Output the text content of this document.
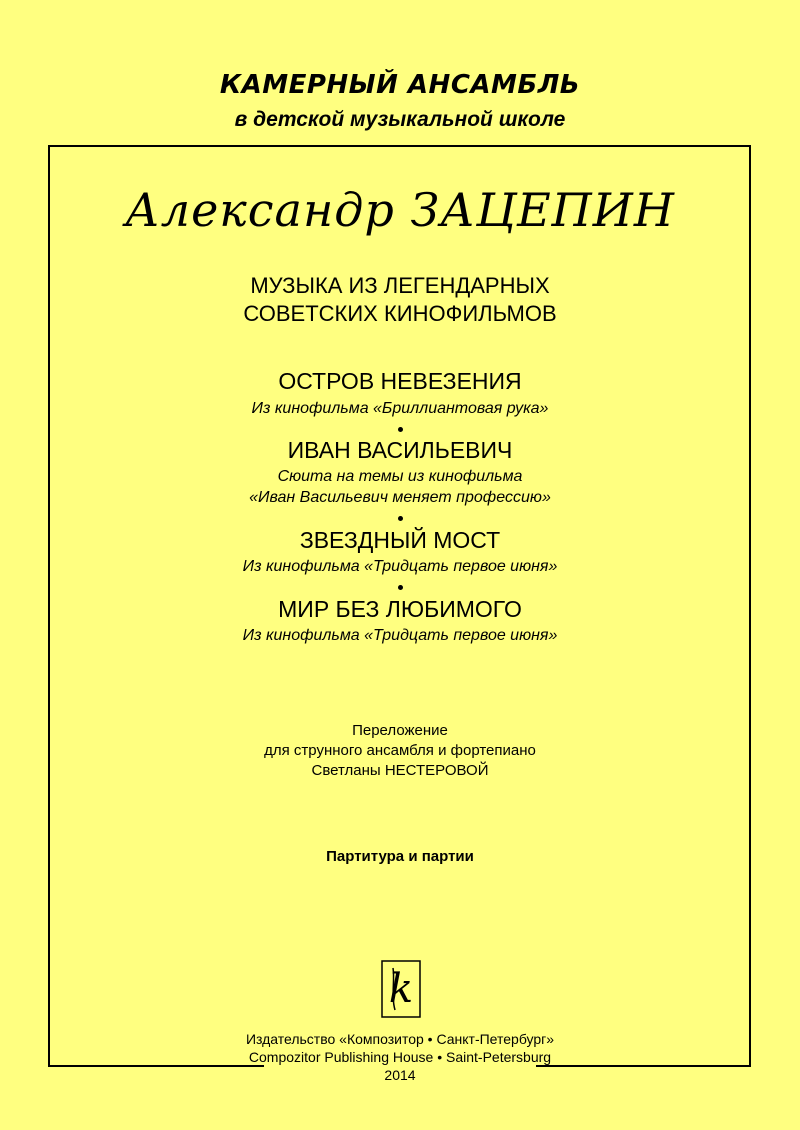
КАМЕРНЫЙ АНСАМБЛЬ
в детской музыкальной школе
Александр ЗАЦЕПИН
МУЗЫКА ИЗ ЛЕГЕНДАРНЫХ
СОВЕТСКИХ КИНОФИЛЬМОВ
ОСТРОВ НЕВЕЗЕНИЯ
Из кинофильма «Бриллиантовая рука»
ИВАН ВАСИЛЬЕВИЧ
Сюита на темы из кинофильма
«Иван Васильевич меняет профессию»
ЗВЕЗДНЫЙ МОСТ
Из кинофильма «Тридцать первое июня»
МИР БЕЗ ЛЮБИМОГО
Из кинофильма «Тридцать первое июня»
Переложение
для струнного ансамбля и фортепиано
Светланы НЕСТЕРОВОЙ
Партитура и партии
k
Издательство «Композитор • Санкт-Петербург»
Compozitor Publishing House • Saint-Petersburg
2014
